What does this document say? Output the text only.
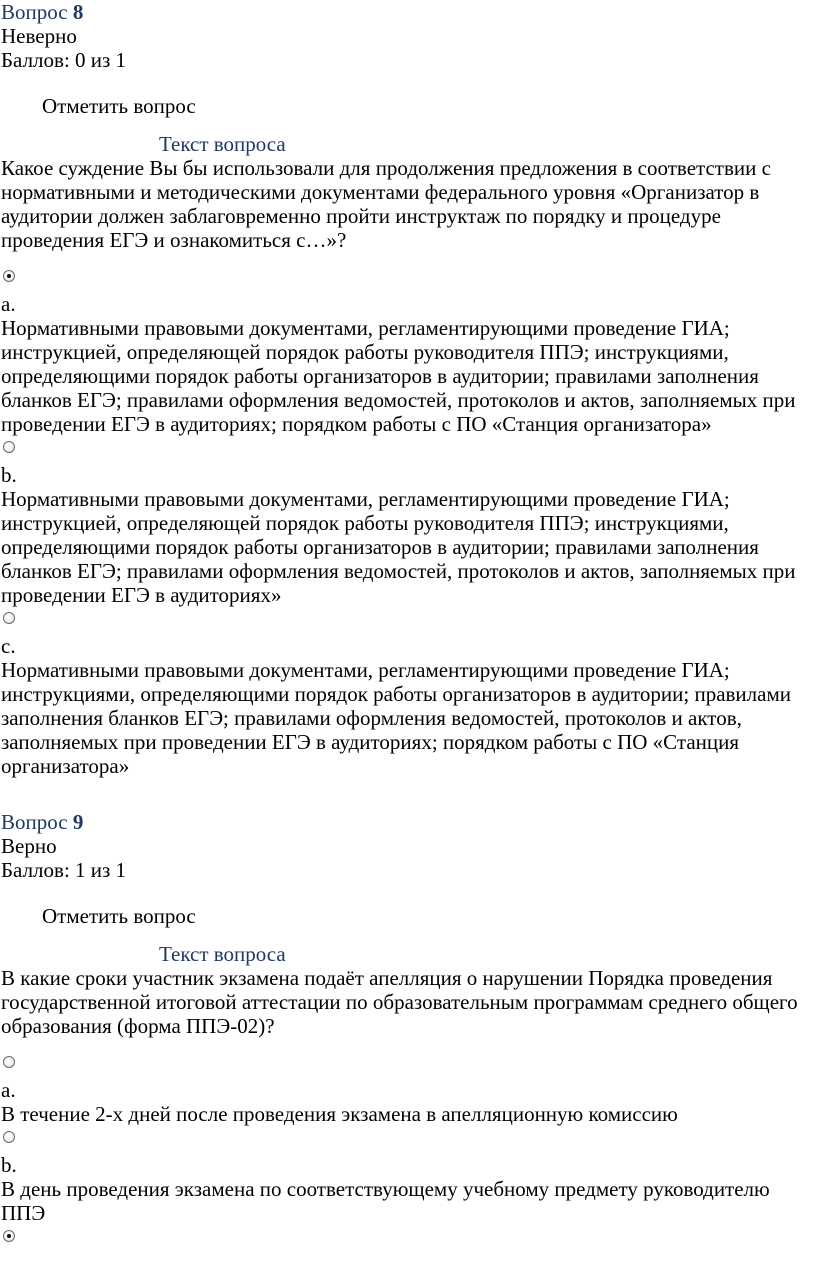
Вопрос 8
Неверно
Баллов: 0 из 1
Отметить вопрос
Текст вопроса
Какое суждение Вы бы использовали для продолжения предложения в соответствии с нормативными и методическими документами федерального уровня «Организатор в аудитории должен заблаговременно пройти инструктаж по порядку и процедуре проведения ЕГЭ и ознакомиться с…»?
a.
Нормативными правовыми документами, регламентирующими проведение ГИА; инструкцией, определяющей порядок работы руководителя ППЭ; инструкциями, определяющими порядок работы организаторов в аудитории; правилами заполнения бланков ЕГЭ; правилами оформления ведомостей, протоколов и актов, заполняемых при проведении ЕГЭ в аудиториях; порядком работы с ПО «Станция организатора»
b.
Нормативными правовыми документами, регламентирующими проведение ГИА; инструкцией, определяющей порядок работы руководителя ППЭ; инструкциями, определяющими порядок работы организаторов в аудитории; правилами заполнения бланков ЕГЭ; правилами оформления ведомостей, протоколов и актов, заполняемых при проведении ЕГЭ в аудиториях»
c.
Нормативными правовыми документами, регламентирующими проведение ГИА; инструкциями, определяющими порядок работы организаторов в аудитории; правилами заполнения бланков ЕГЭ; правилами оформления ведомостей, протоколов и актов, заполняемых при проведении ЕГЭ в аудиториях; порядком работы с ПО «Станция организатора»
Вопрос 9
Верно
Баллов: 1 из 1
Отметить вопрос
Текст вопроса
В какие сроки участник экзамена подаёт апелляция о нарушении Порядка проведения государственной итоговой аттестации по образовательным программам среднего общего образования (форма ППЭ-02)?
a.
В течение 2-х дней после проведения экзамена в апелляционную комиссию
b.
В день проведения экзамена по соответствующему учебному предмету руководителю ППЭ
